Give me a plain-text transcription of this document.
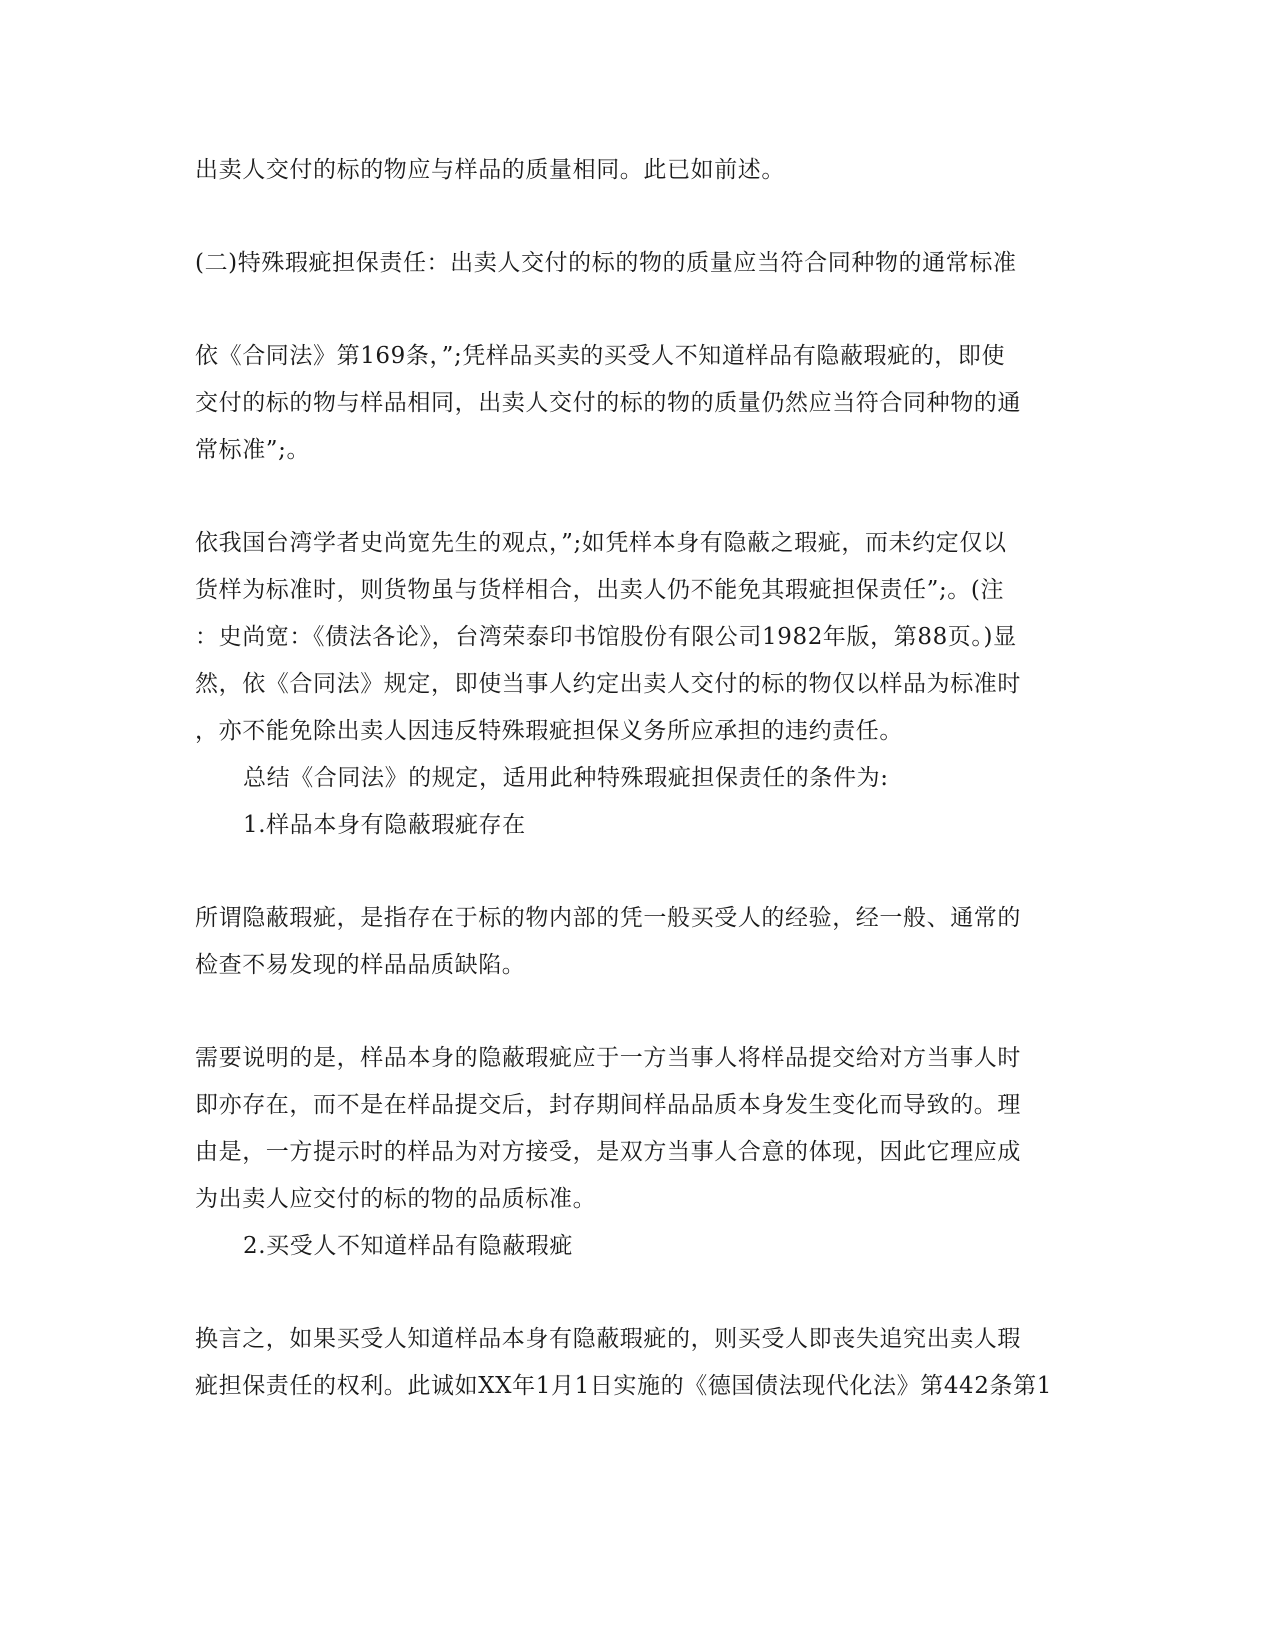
出卖人交付的标的物应与样品的质量相同。此已如前述。
(二)特殊瑕疵担保责任：出卖人交付的标的物的质量应当符合同种物的通常标准
依《合同法》第169条，”;凭样品买卖的买受人不知道样品有隐蔽瑕疵的，即使
交付的标的物与样品相同，出卖人交付的标的物的质量仍然应当符合同种物的通
常标准”;。
依我国台湾学者史尚宽先生的观点，”;如凭样本身有隐蔽之瑕疵，而未约定仅以
货样为标准时，则货物虽与货样相合，出卖人仍不能免其瑕疵担保责任”;。(注
：史尚宽：《债法各论》，台湾荣泰印书馆股份有限公司1982年版，第88页。)显
然，依《合同法》规定，即使当事人约定出卖人交付的标的物仅以样品为标准时
，亦不能免除出卖人因违反特殊瑕疵担保义务所应承担的违约责任。
总结《合同法》的规定，适用此种特殊瑕疵担保责任的条件为:
1.样品本身有隐蔽瑕疵存在
所谓隐蔽瑕疵，是指存在于标的物内部的凭一般买受人的经验，经一般、通常的
检查不易发现的样品品质缺陷。
需要说明的是，样品本身的隐蔽瑕疵应于一方当事人将样品提交给对方当事人时
即亦存在，而不是在样品提交后，封存期间样品品质本身发生变化而导致的。理
由是，一方提示时的样品为对方接受，是双方当事人合意的体现，因此它理应成
为出卖人应交付的标的物的品质标准。
2.买受人不知道样品有隐蔽瑕疵
换言之，如果买受人知道样品本身有隐蔽瑕疵的，则买受人即丧失追究出卖人瑕
疵担保责任的权利。此诚如XX年1月1日实施的《德国债法现代化法》第442条第1
